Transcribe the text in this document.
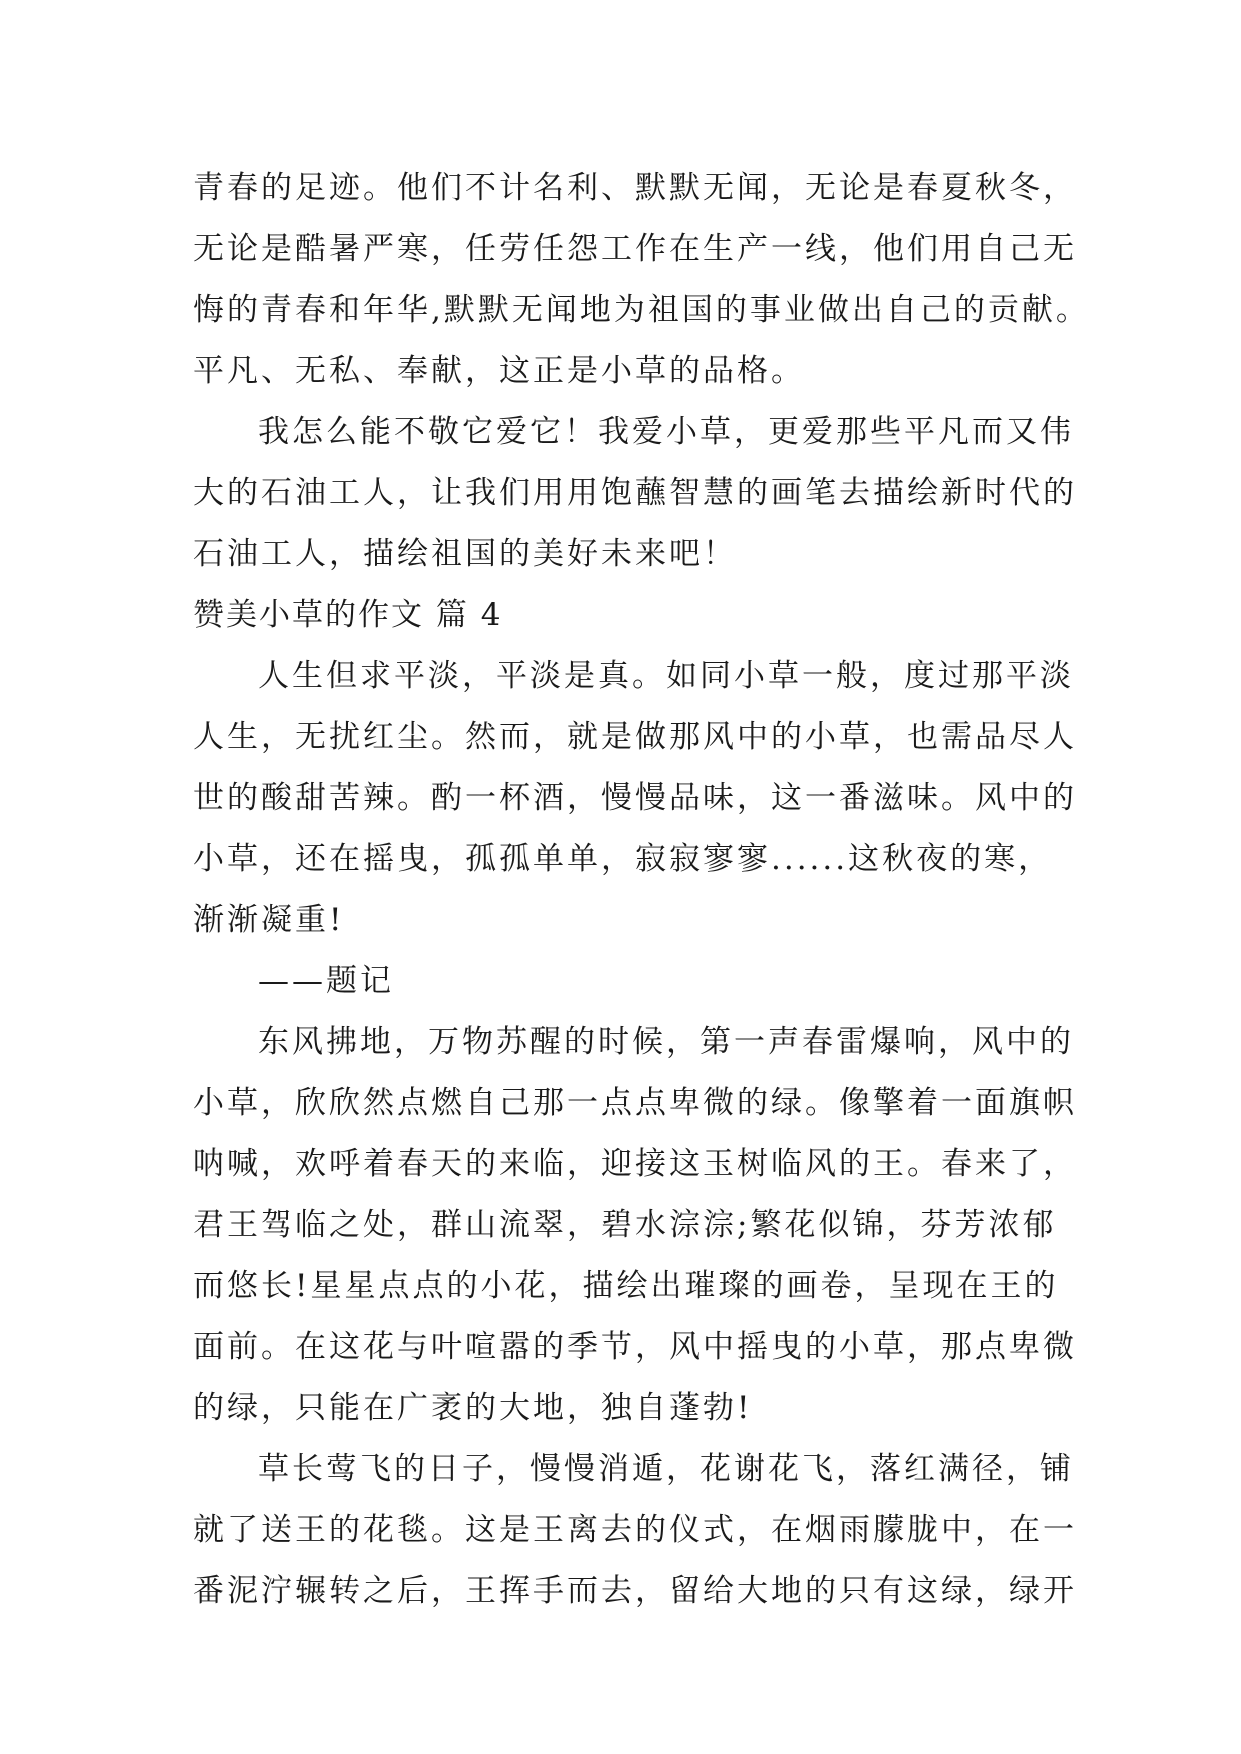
青春的足迹。他们不计名利、默默无闻，无论是春夏秋冬，
无论是酷暑严寒，任劳任怨工作在生产一线，他们用自己无
悔的青春和年华,默默无闻地为祖国的事业做出自己的贡献。
平凡、无私、奉献，这正是小草的品格。
我怎么能不敬它爱它！我爱小草，更爱那些平凡而又伟
大的石油工人，让我们用用饱蘸智慧的画笔去描绘新时代的
石油工人，描绘祖国的美好未来吧！
赞美小草的作文 篇 4
人生但求平淡，平淡是真。如同小草一般，度过那平淡
人生，无扰红尘。然而，就是做那风中的小草，也需品尽人
世的酸甜苦辣。酌一杯酒，慢慢品味，这一番滋味。风中的
小草，还在摇曳，孤孤单单，寂寂寥寥......这秋夜的寒，
渐渐凝重!
——题记
东风拂地，万物苏醒的时候，第一声春雷爆响，风中的
小草，欣欣然点燃自己那一点点卑微的绿。像擎着一面旗帜
呐喊，欢呼着春天的来临，迎接这玉树临风的王。春来了，
君王驾临之处，群山流翠，碧水淙淙;繁花似锦，芬芳浓郁
而悠长!星星点点的小花，描绘出璀璨的画卷，呈现在王的
面前。在这花与叶喧嚣的季节，风中摇曳的小草，那点卑微
的绿，只能在广袤的大地，独自蓬勃!
草长莺飞的日子，慢慢消遁，花谢花飞，落红满径，铺
就了送王的花毯。这是王离去的仪式，在烟雨朦胧中，在一
番泥泞辗转之后，王挥手而去，留给大地的只有这绿，绿开
